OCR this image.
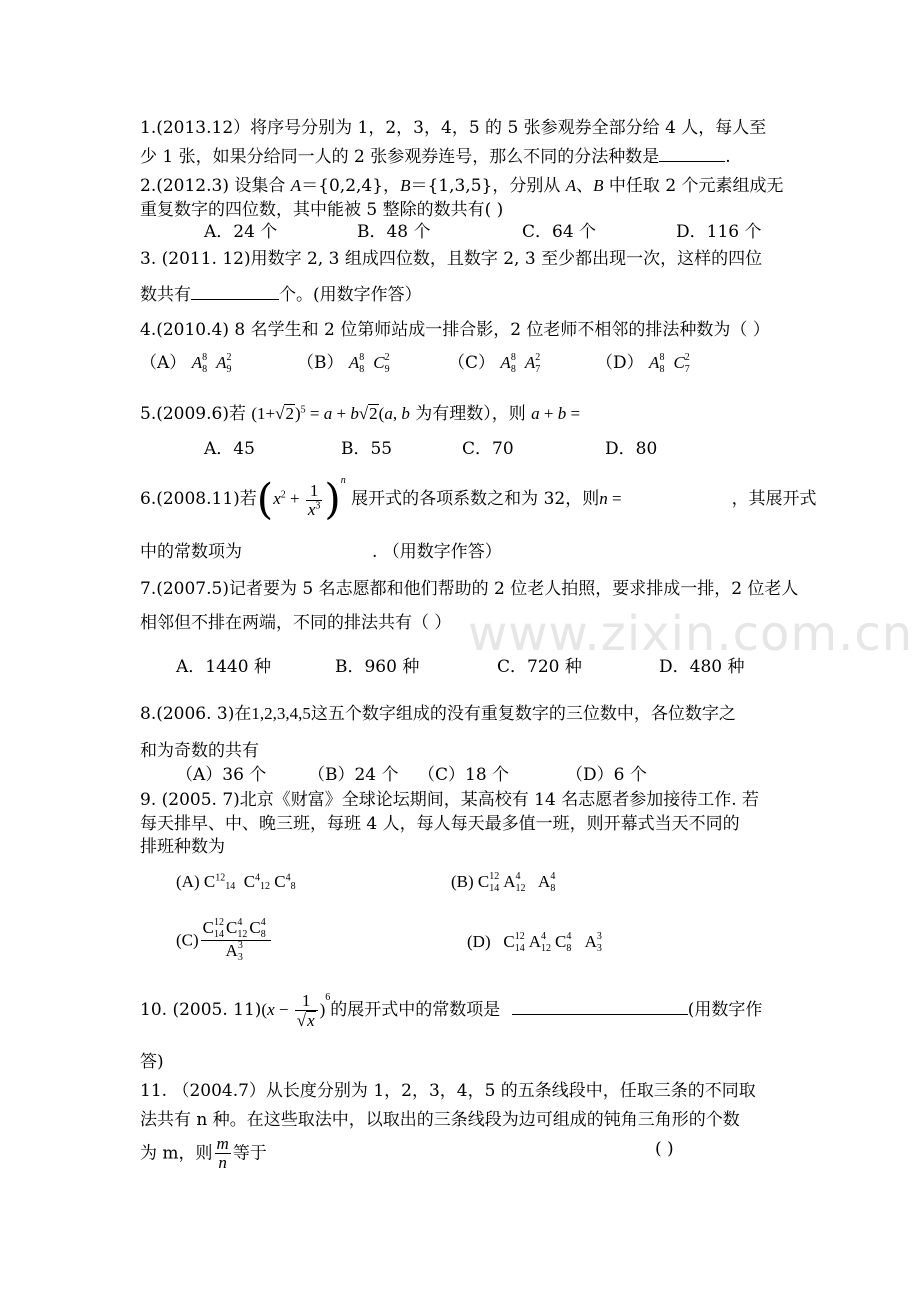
www.zixin.com.cn
1.(2013.12）将序号分别为 1，2，3，4，5 的 5 张参观券全部分给 4 人，每人至
少 1 张，如果分给同一人的 2 张参观券连号，那么不同的分法种数是	.
2.(2012.3) 设集合 A＝{0,2,4}，B＝{1,3,5}，分别从 A、B 中任取 2 个元素组成无
重复数字的四位数，其中能被 5 整除的数共有( )
A．24 个	B．48 个	C．64 个	D．116 个
3. (2011. 12)用数字 2, 3 组成四位数，且数字 2, 3 至少都出现一次，这样的四位
数共有	个。(用数字作答）
4.(2010.4) 8 名学生和 2 位第师站成一排合影，2 位老师不相邻的排法种数为（ ）
（A） A 8
8 A 2
9	（B） A 8
8 C 2
9	（C） A 8
8 A 2
7	（D） A 8
8 C 2
7
5.(2009.6)若 $(1+√2)^5 = a + b√2(a$, b 为有理数），则 a + b =
A．45	B．55	C．70	D．80
6.(2008.11)若$(x^2 + \frac{1}{x^3} )^n$ 展开式的各项系数之和为 32，则n =	，其展开式
中的常数项为	. （用数字作答）
7.(2007.5)记者要为 5 名志愿都和他们帮助的 2 位老人拍照，要求排成一排，2 位老人
相邻但不排在两端，不同的排法共有（ ）
A．1440 种	B．960 种	C．720 种	D．480 种
8.(2006. 3)在1,2,3,4,5这五个数字组成的没有重复数字的三位数中，各位数字之
和为奇数的共有
（A）36 个 （B）24 个 （C）18 个	（D）6 个
9. (2005. 7)北京《财富》全球论坛期间，某高校有 14 名志愿者参加接待工作. 若
每天排早、中、晚三班，每班 4 人，每人每天最多值一班，则开幕式当天不同的
排班种数为
(A) $C^{12}_{14}$  $C^4_{12}$ $C^4_8$	(B) C 12
14 A 4
12 A 4
8
(C) C 12
14 C 4
12 C 4
8
A 3
3	(D)   C 12
14 A 4
12 C 4
8 A 3
3
10. (2005. $11)(x - \frac{1}{√x} )^6$的展开式中的常数项是	(用数字作
答)
11. （2004.7）从长度分别为 1，2，3，4，5 的五条线段中，任取三条的不同取
法共有 n 种。在这些取法中，以取出的三条线段为边可组成的钝角三角形的个数
为 m，则 $\frac{m}{n}$ 等于	( )
